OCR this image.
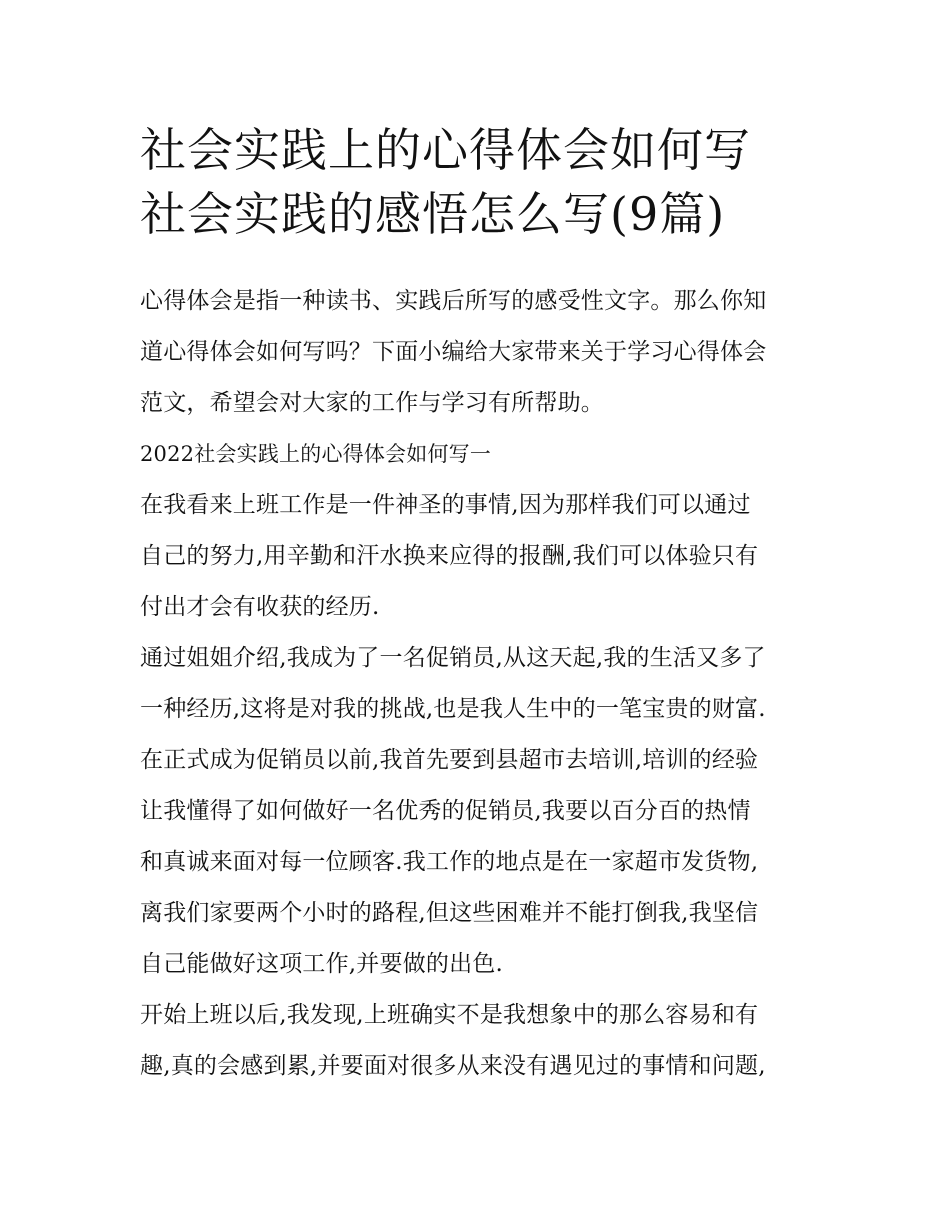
社会实践上的心得体会如何写
社会实践的感悟怎么写(9篇)
心得体会是指一种读书、实践后所写的感受性文字。那么你知
道心得体会如何写吗？下面小编给大家带来关于学习心得体会
范文，希望会对大家的工作与学习有所帮助。
2022社会实践上的心得体会如何写一
在我看来上班工作是一件神圣的事情,因为那样我们可以通过
自己的努力,用辛勤和汗水换来应得的报酬,我们可以体验只有
付出才会有收获的经历.
通过姐姐介绍,我成为了一名促销员,从这天起,我的生活又多了
一种经历,这将是对我的挑战,也是我人生中的一笔宝贵的财富.
在正式成为促销员以前,我首先要到县超市去培训,培训的经验
让我懂得了如何做好一名优秀的促销员,我要以百分百的热情
和真诚来面对每一位顾客.我工作的地点是在一家超市发货物,
离我们家要两个小时的路程,但这些困难并不能打倒我,我坚信
自己能做好这项工作,并要做的出色.
开始上班以后,我发现,上班确实不是我想象中的那么容易和有
趣,真的会感到累,并要面对很多从来没有遇见过的事情和问题,
